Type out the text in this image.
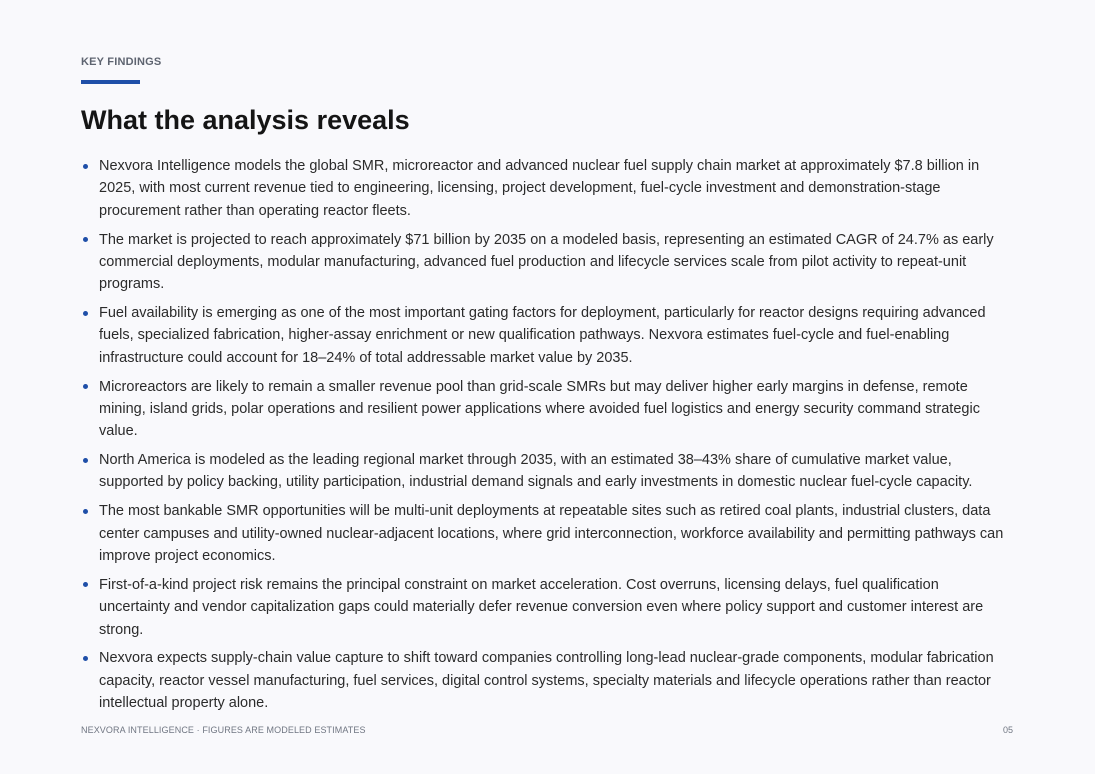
KEY FINDINGS
What the analysis reveals
Nexvora Intelligence models the global SMR, microreactor and advanced nuclear fuel supply chain market at approximately $7.8 billion in 2025, with most current revenue tied to engineering, licensing, project development, fuel-cycle investment and demonstration-stage procurement rather than operating reactor fleets.
The market is projected to reach approximately $71 billion by 2035 on a modeled basis, representing an estimated CAGR of 24.7% as early commercial deployments, modular manufacturing, advanced fuel production and lifecycle services scale from pilot activity to repeat-unit programs.
Fuel availability is emerging as one of the most important gating factors for deployment, particularly for reactor designs requiring advanced fuels, specialized fabrication, higher-assay enrichment or new qualification pathways. Nexvora estimates fuel-cycle and fuel-enabling infrastructure could account for 18–24% of total addressable market value by 2035.
Microreactors are likely to remain a smaller revenue pool than grid-scale SMRs but may deliver higher early margins in defense, remote mining, island grids, polar operations and resilient power applications where avoided fuel logistics and energy security command strategic value.
North America is modeled as the leading regional market through 2035, with an estimated 38–43% share of cumulative market value, supported by policy backing, utility participation, industrial demand signals and early investments in domestic nuclear fuel-cycle capacity.
The most bankable SMR opportunities will be multi-unit deployments at repeatable sites such as retired coal plants, industrial clusters, data center campuses and utility-owned nuclear-adjacent locations, where grid interconnection, workforce availability and permitting pathways can improve project economics.
First-of-a-kind project risk remains the principal constraint on market acceleration. Cost overruns, licensing delays, fuel qualification uncertainty and vendor capitalization gaps could materially defer revenue conversion even where policy support and customer interest are strong.
Nexvora expects supply-chain value capture to shift toward companies controlling long-lead nuclear-grade components, modular fabrication capacity, reactor vessel manufacturing, fuel services, digital control systems, specialty materials and lifecycle operations rather than reactor intellectual property alone.
NEXVORA INTELLIGENCE · FIGURES ARE MODELED ESTIMATES	05
